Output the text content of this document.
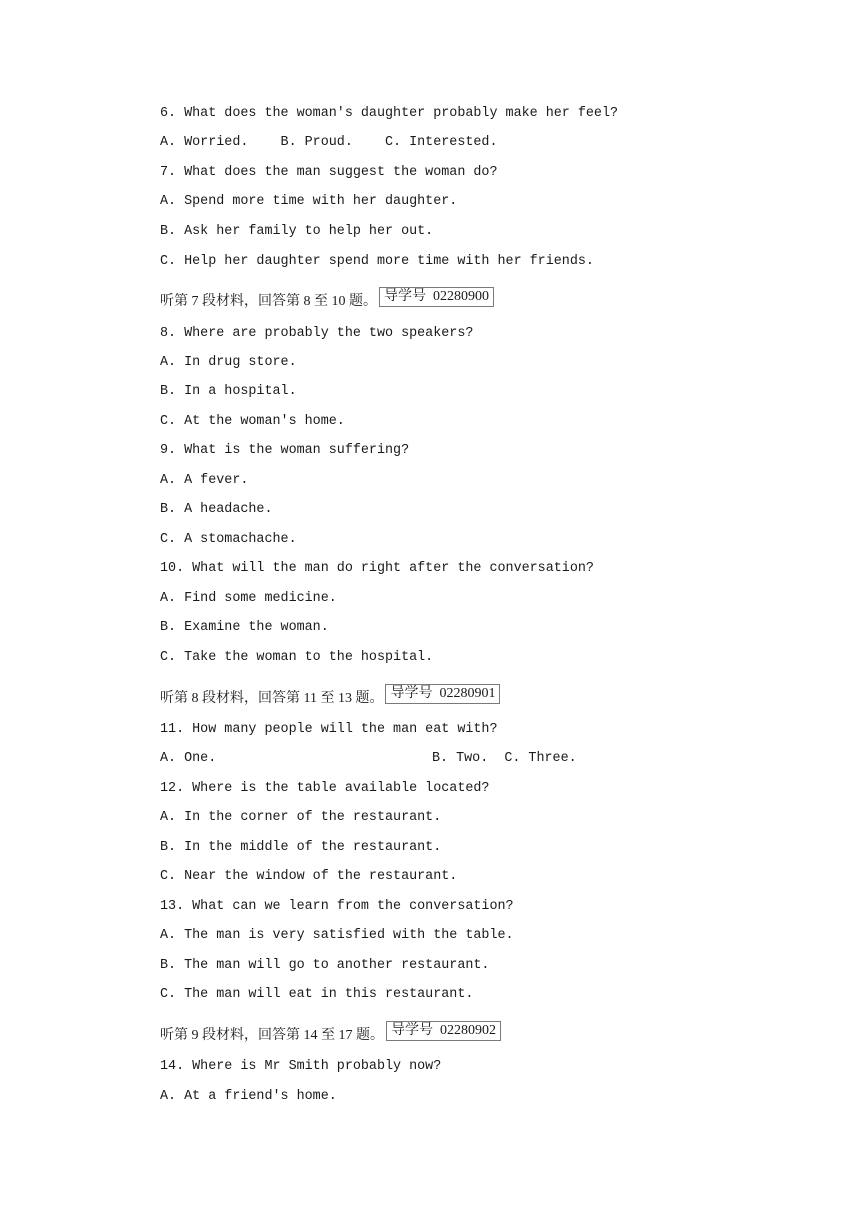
6. What does the woman's daughter probably make her feel?
A. Worried.    B. Proud.    C. Interested.
7. What does the man suggest the woman do?
A. Spend more time with her daughter.
B. Ask her family to help her out.
C. Help her daughter spend more time with her friends.
听第 7 段材料，回答第 8 至 10 题。 导学号  02280900
8. Where are probably the two speakers?
A. In drug store.
B. In a hospital.
C. At the woman's home.
9. What is the woman suffering?
A. A fever.
B. A headache.
C. A stomachache.
10. What will the man do right after the conversation?
A. Find some medicine.
B. Examine the woman.
C. Take the woman to the hospital.
听第 8 段材料，回答第 11 至 13 题。 导学号  02280901
11. How many people will the man eat with?
A. One.	B. Two.  C. Three.
12. Where is the table available located?
A. In the corner of the restaurant.
B. In the middle of the restaurant.
C. Near the window of the restaurant.
13. What can we learn from the conversation?
A. The man is very satisfied with the table.
B. The man will go to another restaurant.
C. The man will eat in this restaurant.
听第 9 段材料，回答第 14 至 17 题。 导学号  02280902
14. Where is Mr Smith probably now?
A. At a friend's home.
